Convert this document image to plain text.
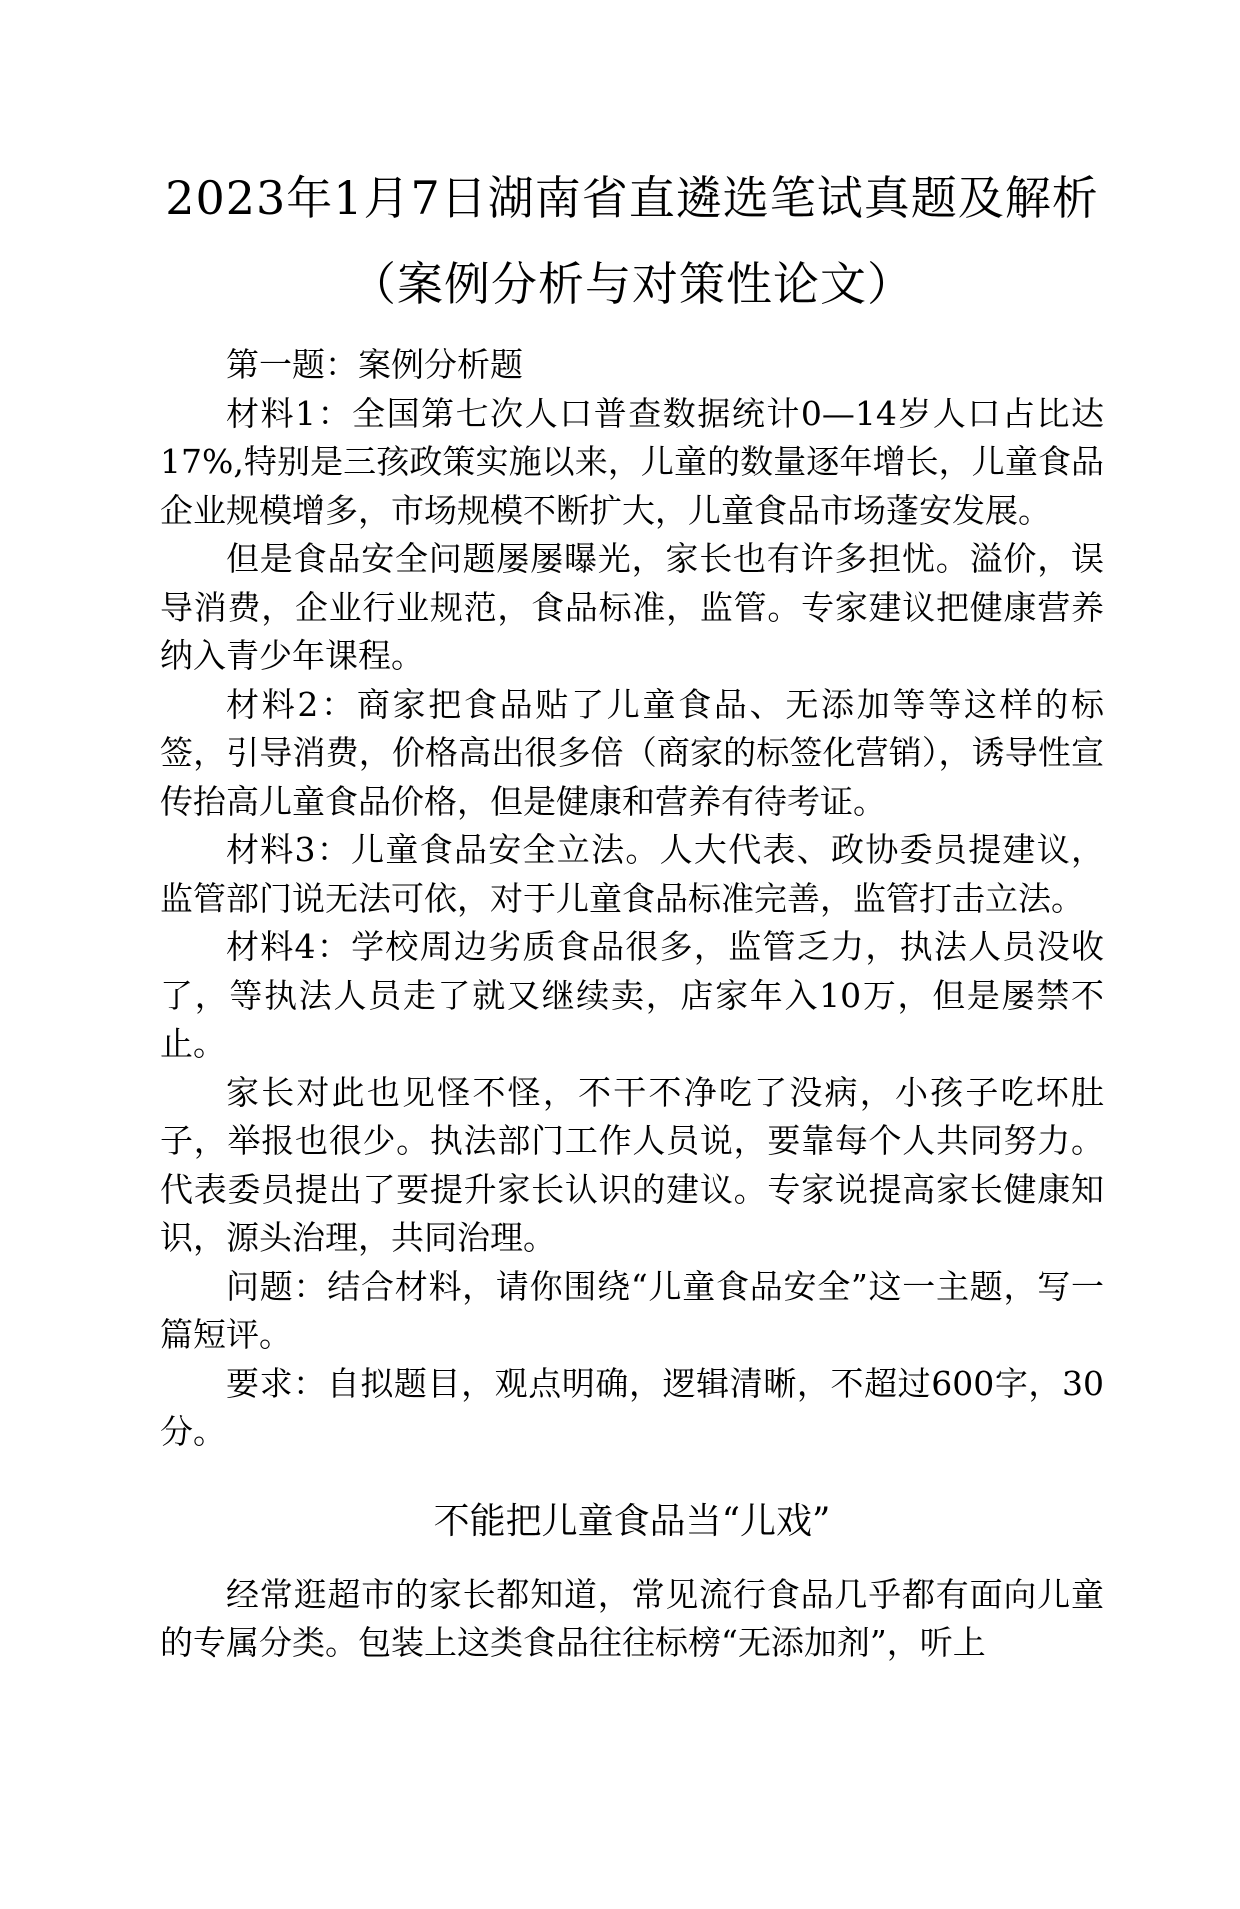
2023年1月7日湖南省直遴选笔试真题及解析
（案例分析与对策性论文）

第一题：案例分析题

材料1：全国第七次人口普查数据统计0—14岁人口占比达17%,特别是三孩政策实施以来，儿童的数量逐年增长，儿童食品企业规模增多，市场规模不断扩大，儿童食品市场蓬安发展。

但是食品安全问题屡屡曝光，家长也有许多担忧。溢价，误导消费，企业行业规范，食品标准，监管。专家建议把健康营养纳入青少年课程。

材料2：商家把食品贴了儿童食品、无添加等等这样的标签，引导消费，价格高出很多倍（商家的标签化营销），诱导性宣传抬高儿童食品价格，但是健康和营养有待考证。

材料3：儿童食品安全立法。人大代表、政协委员提建议，监管部门说无法可依，对于儿童食品标准完善，监管打击立法。

材料4：学校周边劣质食品很多，监管乏力，执法人员没收了，等执法人员走了就又继续卖，店家年入10万，但是屡禁不止。

家长对此也见怪不怪，不干不净吃了没病，小孩子吃坏肚子，举报也很少。执法部门工作人员说，要靠每个人共同努力。代表委员提出了要提升家长认识的建议。专家说提高家长健康知识，源头治理，共同治理。

问题：结合材料，请你围绕“儿童食品安全”这一主题，写一篇短评。

要求：自拟题目，观点明确，逻辑清晰，不超过600字，30分。

不能把儿童食品当“儿戏”

经常逛超市的家长都知道，常见流行食品几乎都有面向儿童的专属分类。包装上这类食品往往标榜“无添加剂”，听上
